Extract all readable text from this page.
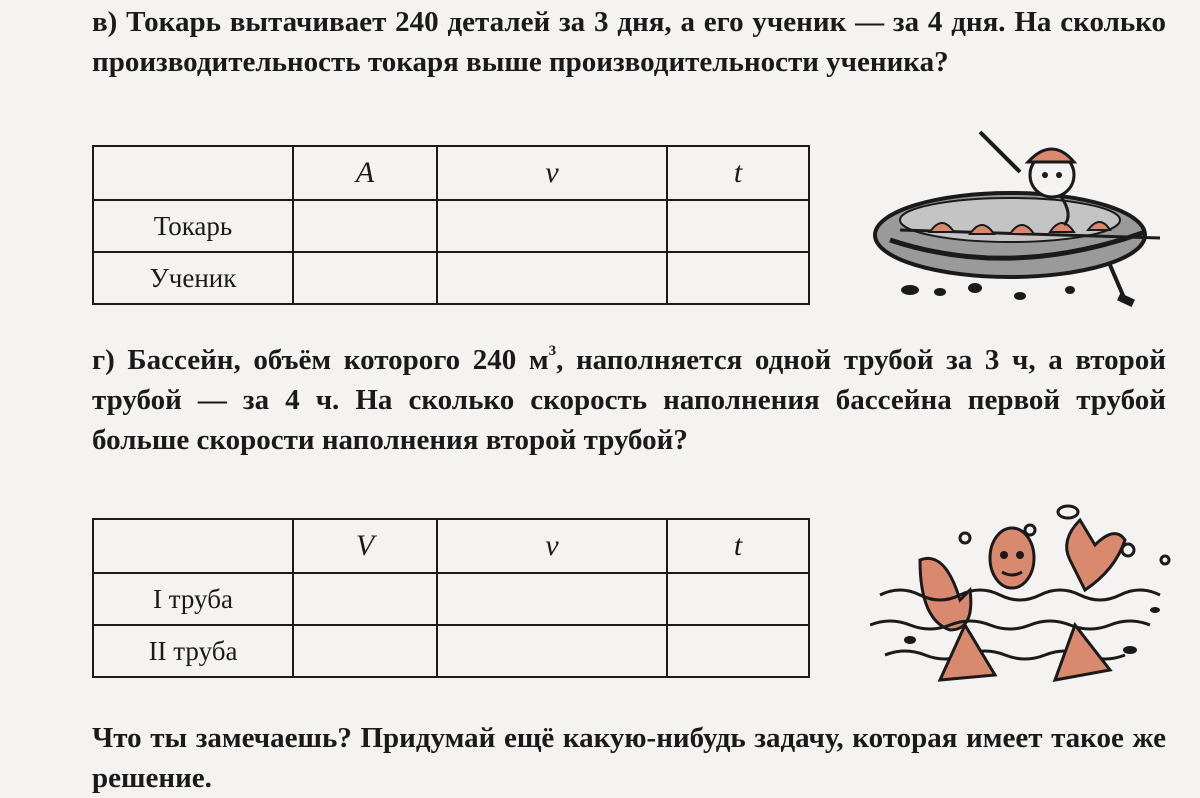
в) Токарь вытачивает 240 деталей за 3 дня, а его ученик — за 4 дня. На сколько производительность токаря выше производительности ученика?

	A	v	t
Токарь			
Ученик			

г) Бассейн, объём которого 240 $м^3$, наполняется одной трубой за 3 ч, а второй трубой — за 4 ч. На сколько скорость наполнения бассейна первой трубой больше скорости наполнения второй трубой?

	V	v	t
I труба			
II труба			

Что ты замечаешь? Придумай ещё какую-нибудь задачу, которая имеет такое же решение.
